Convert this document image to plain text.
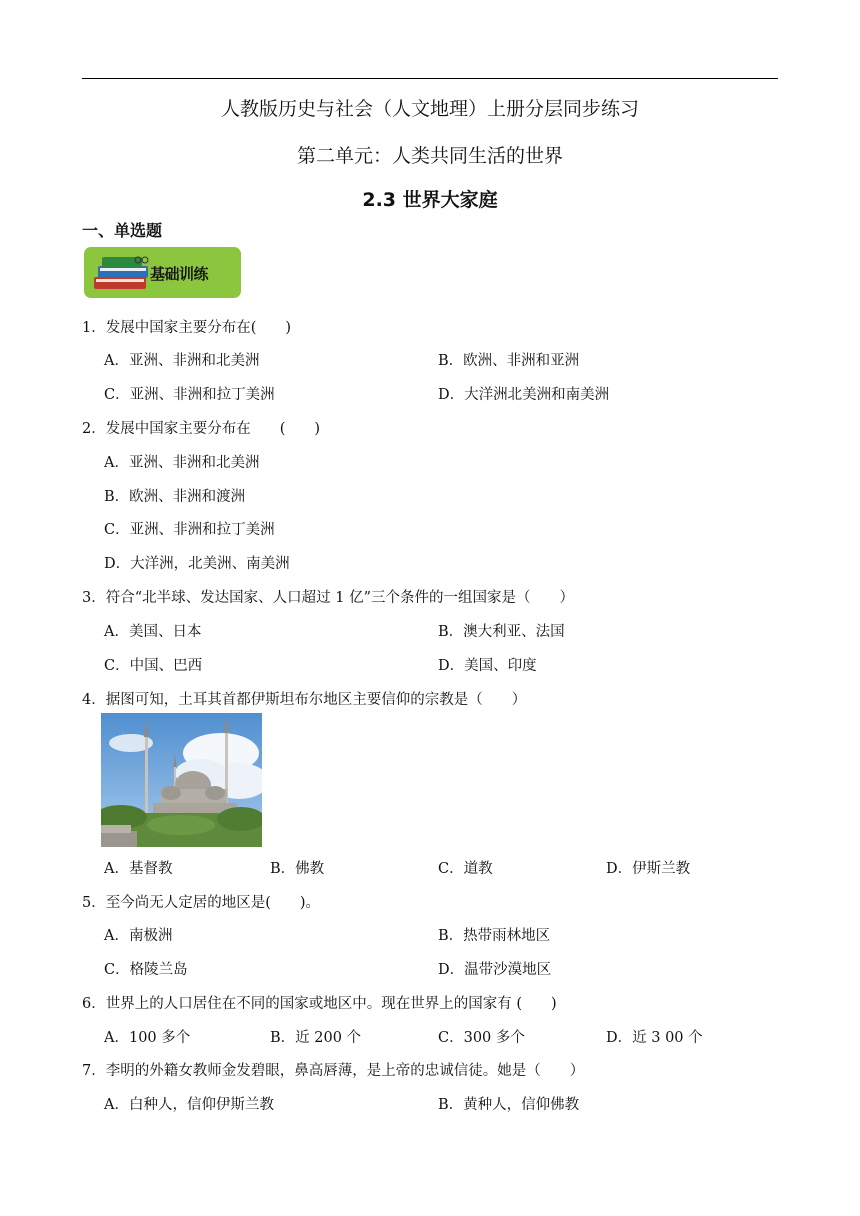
人教版历史与社会（人文地理）上册分层同步练习
第二单元：人类共同生活的世界
2.3 世界大家庭
一、单选题
基础训练
1．发展中国家主要分布在(　　)
A．亚洲、非洲和北美洲	B．欧洲、非洲和亚洲
C．亚洲、非洲和拉丁美洲	D．大洋洲北美洲和南美洲
2．发展中国家主要分布在　　(　　)
A．亚洲、非洲和北美洲
B．欧洲、非洲和渡洲
C．亚洲、非洲和拉丁美洲
D．大洋洲，北美洲、南美洲
3．符合“北半球、发达国家、人口超过 1 亿”三个条件的一组国家是（　　）
A．美国、日本	B．澳大利亚、法国
C．中国、巴西	D．美国、印度
4．据图可知，土耳其首都伊斯坦布尔地区主要信仰的宗教是（　　）
A．基督教	B．佛教	C．道教	D．伊斯兰教
5．至今尚无人定居的地区是(　　)。
A．南极洲	B．热带雨林地区
C．格陵兰岛	D．温带沙漠地区
6．世界上的人口居住在不同的国家或地区中。现在世界上的国家有 (　　)
A．100 多个	B．近 200 个	C．300 多个	D．近 3 00 个
7．李明的外籍女教师金发碧眼，鼻高唇薄，是上帝的忠诚信徒。她是（　　）
A．白种人，信仰伊斯兰教	B．黄种人，信仰佛教
